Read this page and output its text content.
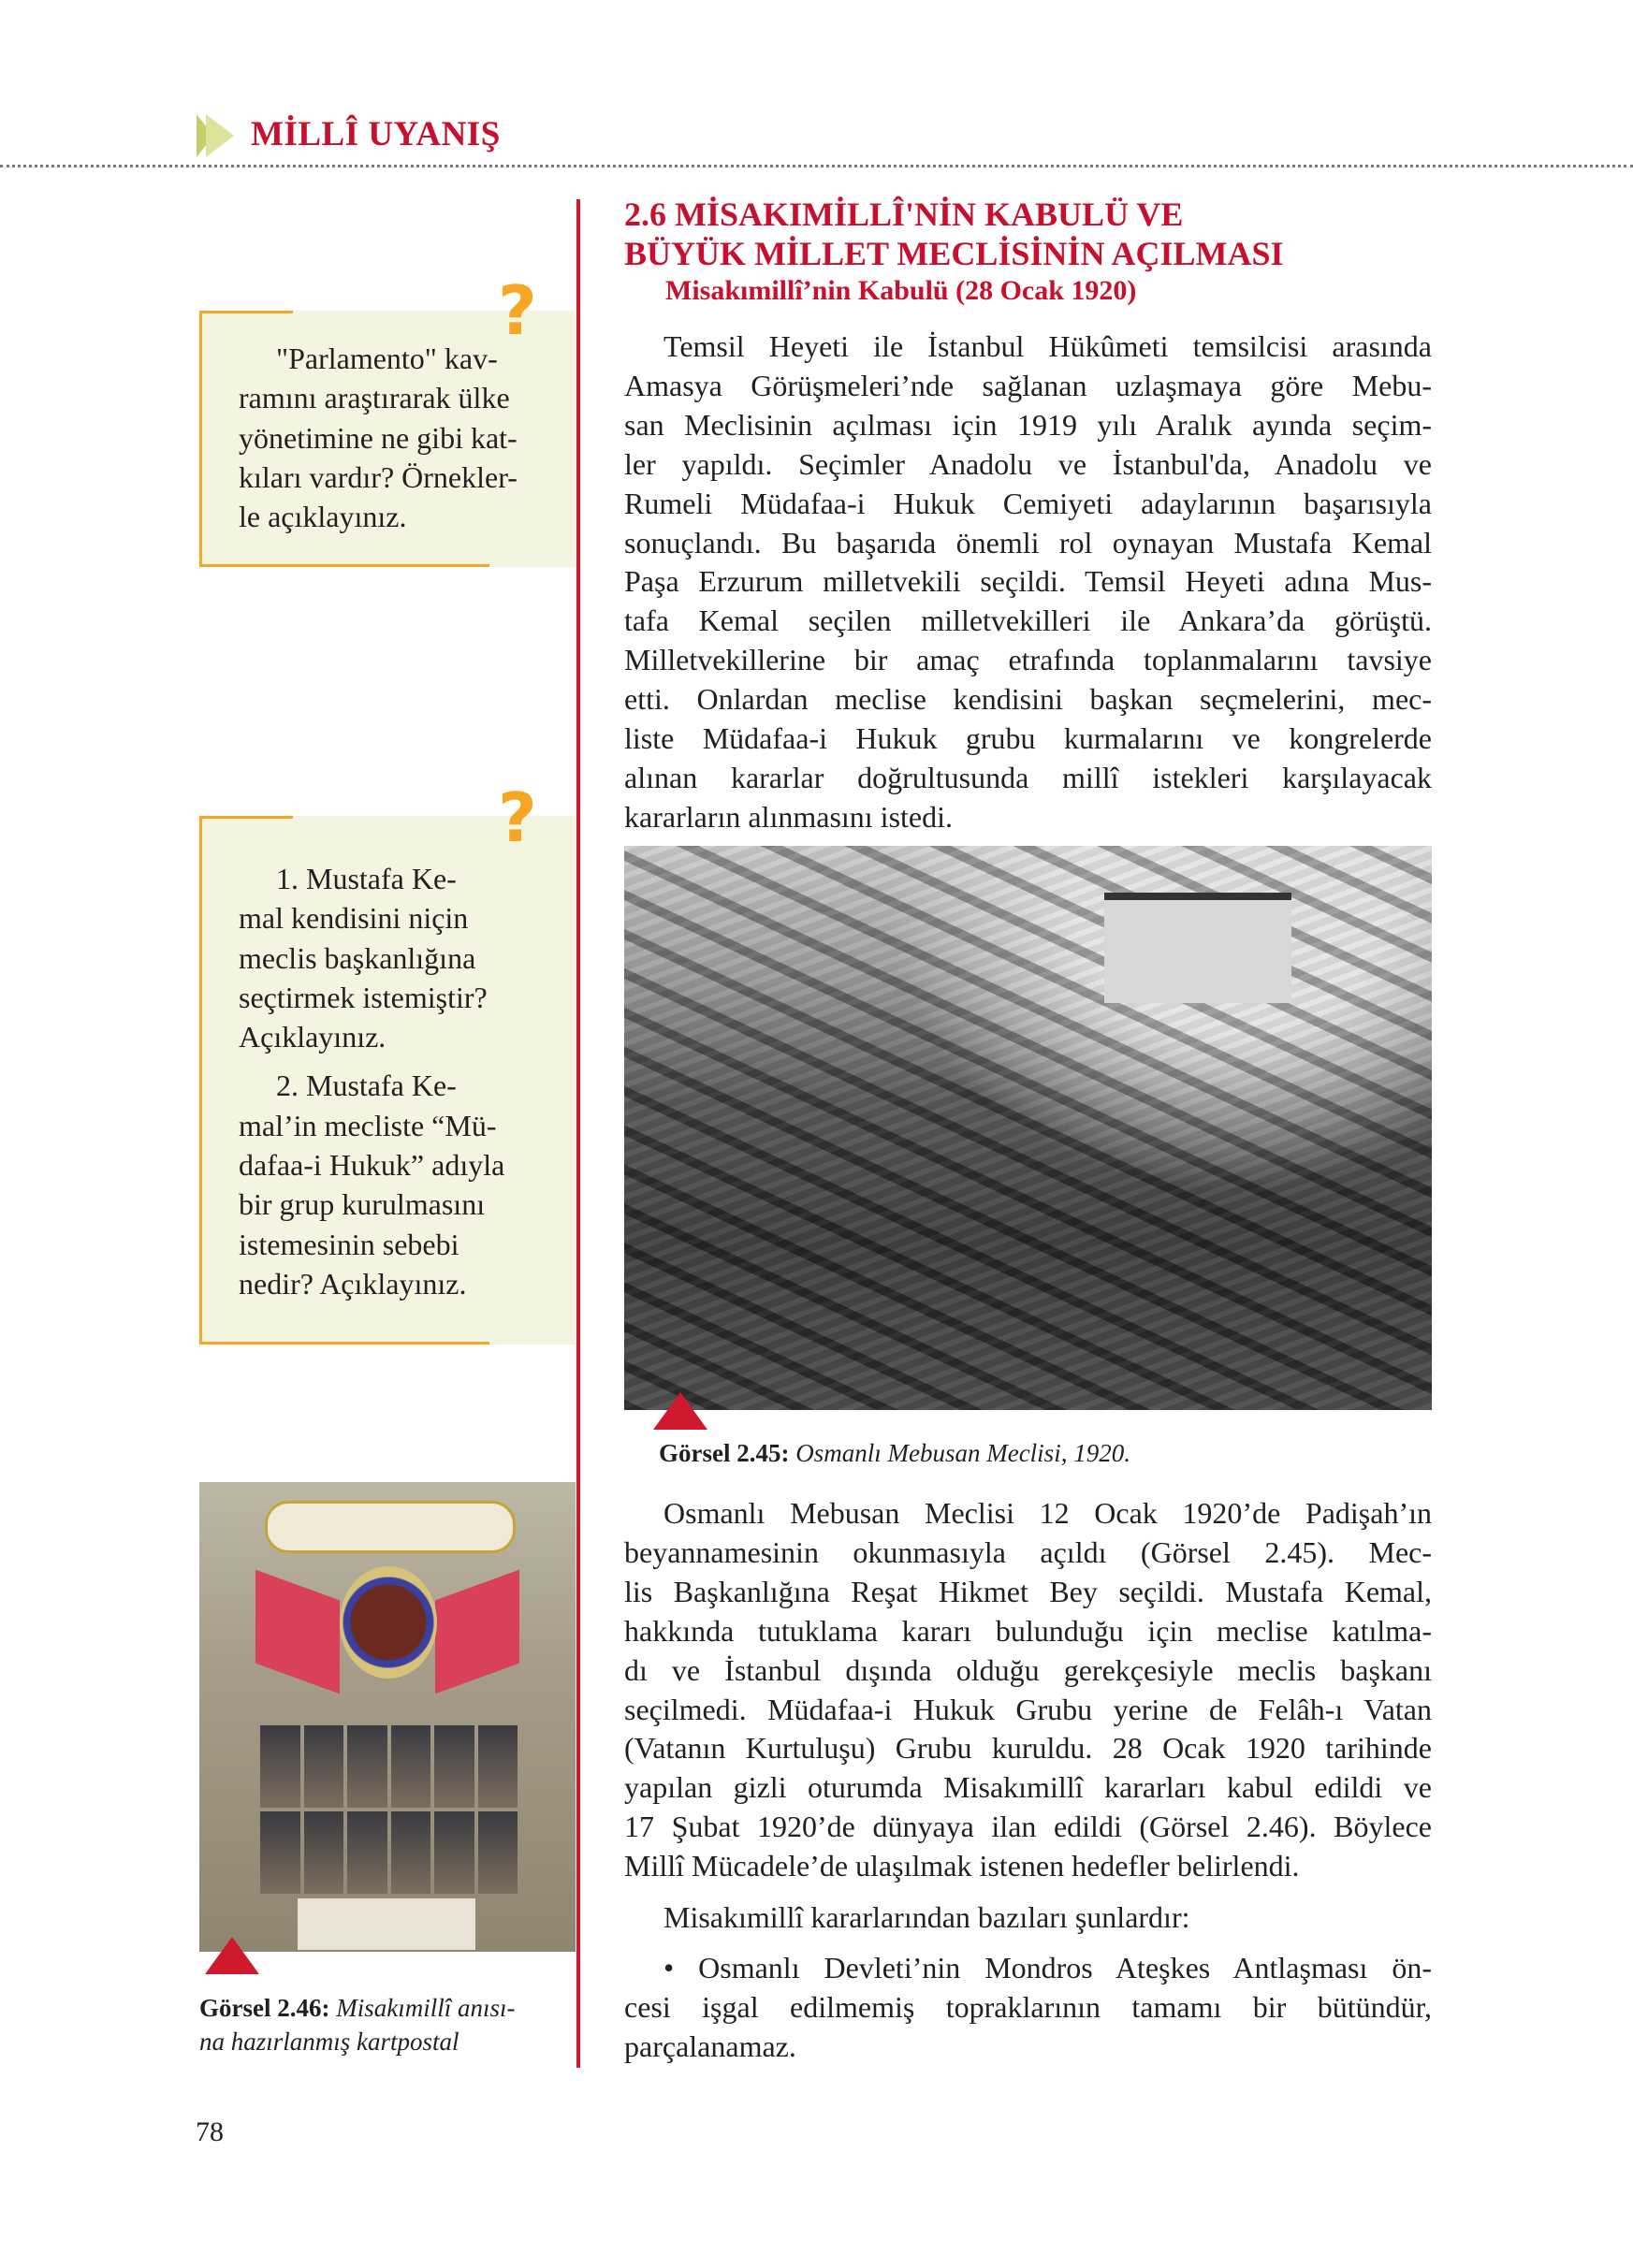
MİLLÎ UYANIŞ
2.6 MİSAKIMİLLÎ'NİN KABULÜ VE
BÜYÜK MİLLET MECLİSİNİN AÇILMASI
Misakımillî’nin Kabulü (28 Ocak 1920)
Temsil Heyeti ile İstanbul Hükûmeti temsilcisi arasında
Amasya Görüşmeleri’nde sağlanan uzlaşmaya göre Mebu-
san Meclisinin açılması için 1919 yılı Aralık ayında seçim-
ler yapıldı. Seçimler Anadolu ve İstanbul'da, Anadolu ve
Rumeli Müdafaa-i Hukuk Cemiyeti adaylarının başarısıyla
sonuçlandı. Bu başarıda önemli rol oynayan Mustafa Kemal
Paşa Erzurum milletvekili seçildi. Temsil Heyeti adına Mus-
tafa Kemal seçilen milletvekilleri ile Ankara’da görüştü.
Milletvekillerine bir amaç etrafında toplanmalarını tavsiye
etti. Onlardan meclise kendisini başkan seçmelerini, mec-
liste Müdafaa-i Hukuk grubu kurmalarını ve kongrelerde
alınan kararlar doğrultusunda millî istekleri karşılayacak
kararların alınmasını istedi.
Görsel 2.45: Osmanlı Mebusan Meclisi, 1920.
Osmanlı Mebusan Meclisi 12 Ocak 1920’de Padişah’ın
beyannamesinin okunmasıyla açıldı (Görsel 2.45). Mec-
lis Başkanlığına Reşat Hikmet Bey seçildi. Mustafa Kemal,
hakkında tutuklama kararı bulunduğu için meclise katılma-
dı ve İstanbul dışında olduğu gerekçesiyle meclis başkanı
seçilmedi. Müdafaa-i Hukuk Grubu yerine de Felâh-ı Vatan
(Vatanın Kurtuluşu) Grubu kuruldu. 28 Ocak 1920 tarihinde
yapılan gizli oturumda Misakımillî kararları kabul edildi ve
17 Şubat 1920’de dünyaya ilan edildi (Görsel 2.46). Böylece
Millî Mücadele’de ulaşılmak istenen hedefler belirlendi.
Misakımillî kararlarından bazıları şunlardır:
• Osmanlı Devleti’nin Mondros Ateşkes Antlaşması ön-
cesi işgal edilmemiş topraklarının tamamı bir bütündür,
parçalanamaz.
"Parlamento" kav-
ramını araştırarak ülke
yönetimine ne gibi kat-
kıları vardır? Örnekler-
le açıklayınız.
?
1. Mustafa Ke-
mal kendisini niçin
meclis başkanlığına
seçtirmek istemiştir?
Açıklayınız.
2. Mustafa Ke-
mal’in mecliste “Mü-
dafaa-i Hukuk” adıyla
bir grup kurulmasını
istemesinin sebebi
nedir? Açıklayınız.
?
Görsel 2.46: Misakımillî anısı-
na hazırlanmış kartpostal
78
